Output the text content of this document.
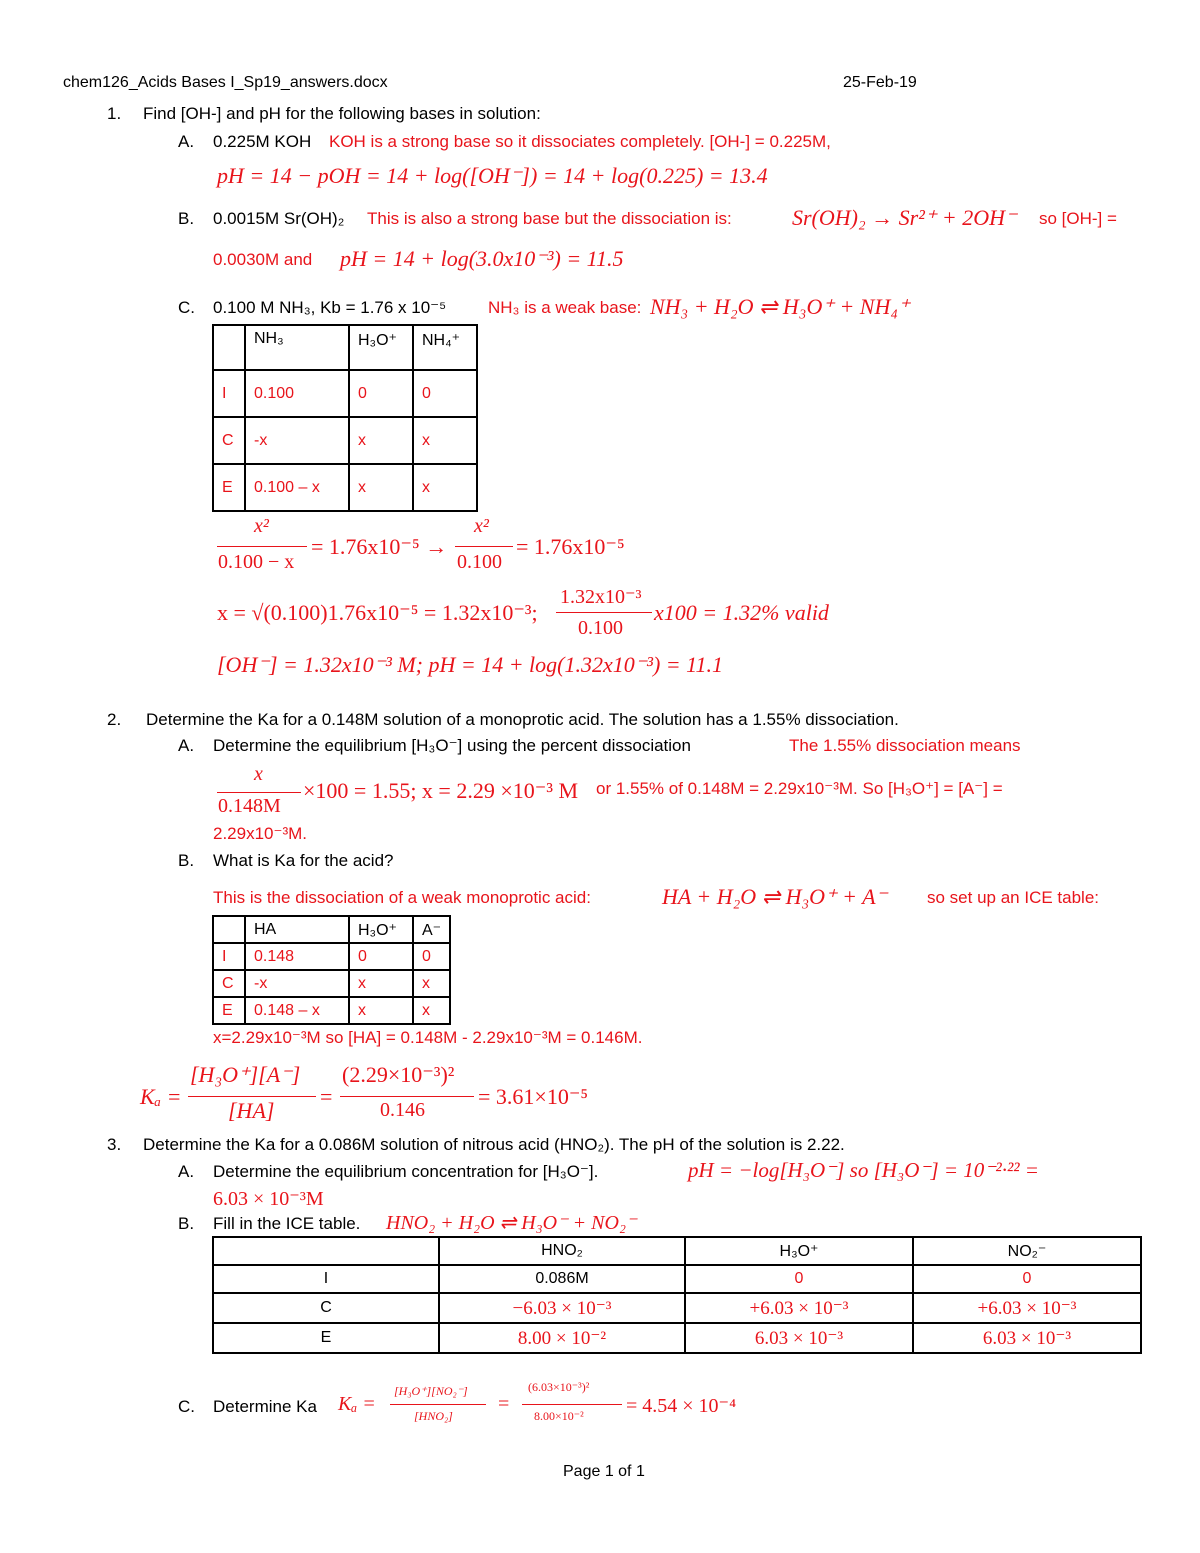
chem126_Acids Bases I_Sp19_answers.docx	25-Feb-19
1. Find [OH-] and pH for the following bases in solution:
A. 0.225M KOH KOH is a strong base so it dissociates completely. [OH-] = 0.225M,
pH = 14 − pOH = 14 + log([OH⁻]) = 14 + log(0.225) = 13.4
B. 0.0015M Sr(OH)₂ This is also a strong base but the dissociation is:	Sr(OH)₂ → Sr²⁺ + 2OH⁻ so [OH-] =
0.0030M and pH = 14 + log(3.0x10⁻³) = 11.5
C. 0.100 M NH₃, Kb = 1.76 x 10⁻⁵ NH₃ is a weak base: NH₃ + H₂O ⇌ H₃O⁺ + NH₄⁺
	NH₃	H₃O⁺	NH₄⁺
I	0.100	0	0
C	-x	x	x
E	0.100 – x	x	x
x²
0.100 − x
= 1.76x10⁻⁵ →
x²
0.100
= 1.76x10⁻⁵
x = √(0.100)1.76x10⁻⁵ = 1.32x10⁻³;
1.32x10⁻³
0.100
x100 = 1.32% valid
[OH⁻] = 1.32x10⁻³ M; pH = 14 + log(1.32x10⁻³) = 11.1
2. Determine the Ka for a 0.148M solution of a monoprotic acid. The solution has a 1.55% dissociation.
A. Determine the equilibrium [H₃O⁻] using the percent dissociation	The 1.55% dissociation means
x
0.148M
×100 = 1.55; x = 2.29 ×10⁻³ M or 1.55% of 0.148M = 2.29x10⁻³M. So [H₃O⁺] = [A⁻] =
2.29x10⁻³M.
B. What is Ka for the acid?
This is the dissociation of a weak monoprotic acid:	HA + H₂O ⇌ H₃O⁺ + A⁻ so set up an ICE table:
	HA	H₃O⁺	A⁻
I	0.148	0	0
C	-x	x	x
E	0.148 – x	x	x
x=2.29x10⁻³M so [HA] = 0.148M - 2.29x10⁻³M = 0.146M.
Kₐ =
[H₃O⁺][A⁻]
[HA]
=
(2.29×10⁻³)²
0.146
= 3.61×10⁻⁵
3. Determine the Ka for a 0.086M solution of nitrous acid (HNO₂). The pH of the solution is 2.22.
A. Determine the equilibrium concentration for [H₃O⁻].	pH = −log[H₃O⁻] so [H₃O⁻] = 10⁻²·²² =
6.03 × 10⁻³M
B. Fill in the ICE table. HNO₂ + H₂O ⇌ H₃O⁻ + NO₂⁻
	HNO₂	H₃O⁺	NO₂⁻
I	0.086M	0	0
C	−6.03 × 10⁻³	+6.03 × 10⁻³	+6.03 × 10⁻³
E	8.00 × 10⁻²	6.03 × 10⁻³	6.03 × 10⁻³
C. Determine Ka Kₐ =
[H₃O⁺][NO₂⁻]
[HNO₂]
=
(6.03×10⁻³)²
8.00×10⁻² = 4.54 × 10⁻⁴
Page 1 of 1
